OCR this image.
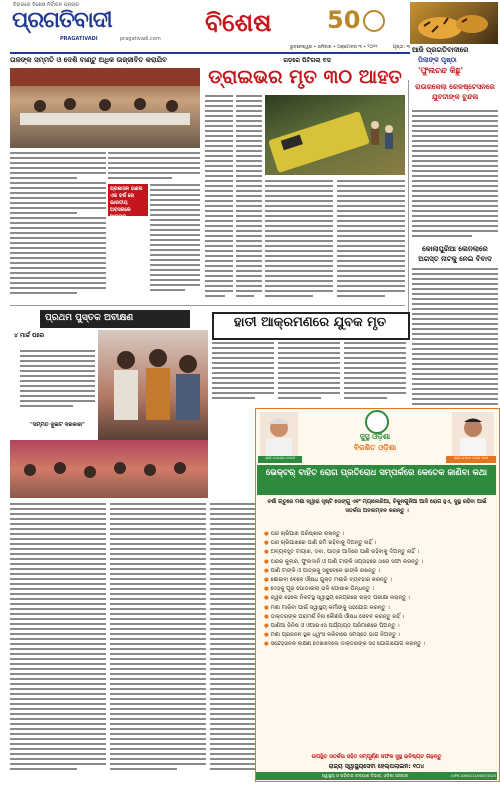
ବିହାରରେ ବିଶେଷ ନିର୍ବାଚନ ପ୍ରଚାର
ପ୍ରଗତିବାଦୀ
PRAGATIVADI	pragativadi.com
ବିଶେଷ	50
ଭୁବନେଶ୍ୱର • ଶନିବାର • ଅକ୍ଟୋବର ୩ • ୨୦୨୧	ପୃଷ୍ଠା: ୩ ଆଜି ପ୍ରଗତିବାଦୀରେ
ପିଲାଙ୍କ ପୃଷ୍ଠା
'ଫୁଲଚନ୍ଦ କିଛୁ'
ତାଳଙ୍କ ସମ୍ମତି ଓ ଦେଶି ବାଣ୍ଟୁ ଅଧିକ ଉଜ୍ଜୀବିତ କରାଯିବ
ପ୍ରଶାସନ ଗଣନା ଏକ ବର୍ଷ ରେ ଭାରତୀୟ ଅବସରରେ ଆରମ୍ଭ
ଗଡ଼ରେ ପିଟିଗଲା ବସ
ଡ୍ରାଇଭର ମୃତ ୩୦ ଆହତ	ରାଉରକେଲା ରେଳଷ୍ଟେସନରେ ଯୁବତୀଙ୍କ ବୁନ୍ଦଳା
କୋଲାପୁରିଆ ଲେନଲାରେ ଅଗସ୍ତ ନାଟକୁ ନେଇ ବିବାଦ
ପ୍ରଥମ ପୁସ୍ତକ ଅବୀକ୍ଷଣ
୪ ମାର୍ଚ୍ଚ ପରେ
"ସମ୍ମତ ଦୁଇଟ ଦରକାର"
ହାତୀ ଆକ୍ରମଣରେ ଯୁବକ ମୃତ
ଶ୍ରୀ ନରେନ୍ଦ୍ର ମୋଦୀ
ସୁସ୍ଥ ଓଡ଼ିଶା
ବିକଶିତ ଓଡ଼ିଶା
ଶ୍ରୀ ମୋହନ ଚରଣ ମାଝୀ
ଭେକ୍ଟର୍ ବାହିତ ରୋଗ ପ୍ରତିରୋଧ ସମ୍ପର୍କରେ କେତେକ ଜାଣିବା କଥା
ବର୍ଷା ଋତୁରେ ମଶା ଦ୍ୱାରା ସୃଷ୍ଟି ଡେଙ୍ଗୁ ଏବଂ ମ୍ୟାଲେରିଆ, ଚିକୁନଗୁନିଆ ଆଦି ରୋଗ ହୁଏ, ସୁସ୍ଥ ରହିବା ପାଇଁ ସତର୍କତା ଅବଲମ୍ବନ କରନ୍ତୁ ।
● ଘର ଚାରିପାଖ ପରିଷ୍କାର ରଖନ୍ତୁ ।
● ଘର ଚାରିପାଖରେ ପାଣି ଜମି ରହିବାକୁ ଦିଅନ୍ତୁ ନାହିଁ ।
● ଅବ୍ୟବହୃତ ଟାୟାର, ଡବା, ପାତ୍ର ଆଦିରେ ପାଣି ରହିବାକୁ ଦିଅନ୍ତୁ ନାହିଁ ।
● ଘରର କୁଲର, ଫୁଲଦାନି ଓ ପାଣି ଟାଙ୍କି ସପ୍ତାହରେ ଥରେ ସଫା କରନ୍ତୁ ।
● ପାଣି ଟାଙ୍କି ଓ ପାତ୍ରକୁ ସବୁବେଳେ ଢାଙ୍କି ରଖନ୍ତୁ ।
● ଶୋଇବା ବେଳେ ଔଷଧ ଯୁକ୍ତ ମଶାରି ବ୍ୟବହାର କରନ୍ତୁ ।
● ଦେହକୁ ପୂରା ଘୋଡାଇଲା ଭଳି ପୋଷାକ ପିନ୍ଧନ୍ତୁ ।
● ଜ୍ୱର ହେଲେ ନିକଟସ୍ଥ ସ୍ୱାସ୍ଥ୍ୟ କେନ୍ଦ୍ରରେ ରକ୍ତ ପରୀକ୍ଷା କରାନ୍ତୁ ।
● ମଶା ମାରିବା ପାଇଁ ସ୍ୱାସ୍ଥ୍ୟ କର୍ମୀଙ୍କୁ ସହଯୋଗ କରନ୍ତୁ ।
● ଡାକ୍ତରଙ୍କ ପରାମର୍ଶ ବିନା କୌଣସି ଔଷଧ ସେବନ କରନ୍ତୁ ନାହିଁ ।
● ପାଣିଆ ଜିନିଷ ଓ ଓଆରଏସ ପର୍ଯ୍ୟାପ୍ତ ପରିମାଣରେ ପିଅନ୍ତୁ ।
● ମଶା ପ୍ରଜନନ ସ୍ଥଳ ଧ୍ୱଂସ କରିବାରେ ସମସ୍ତେ ଭାଗ ନିଅନ୍ତୁ ।
● ସନ୍ଦେହଜନକ ଲକ୍ଷଣ ଦେଖାଦେଲେ ଡାକ୍ତରଙ୍କ ସହ ଯୋଗାଯୋଗ କରନ୍ତୁ ।
ଉପସ୍ଥିତ ସତର୍କତା ସହିତ ସମ୍ପୂର୍ଣ୍ଣ ସଫଳ ସୁସ୍ଥ ଭବିଷ୍ୟତ ଗଢ଼ନ୍ତୁ
ରାଜ୍ୟ ସ୍ୱାସ୍ଥ୍ୟସେବା ହେଲ୍ପଲାଇନ: ୧୦୪
ସ୍ୱାସ୍ଥ୍ୟ ଓ ପରିବାର କଲ୍ୟାଣ ବିଭାଗ, ଓଡ଼ିଶା ସରକାର	OIPR-10601/11/0007/2425
